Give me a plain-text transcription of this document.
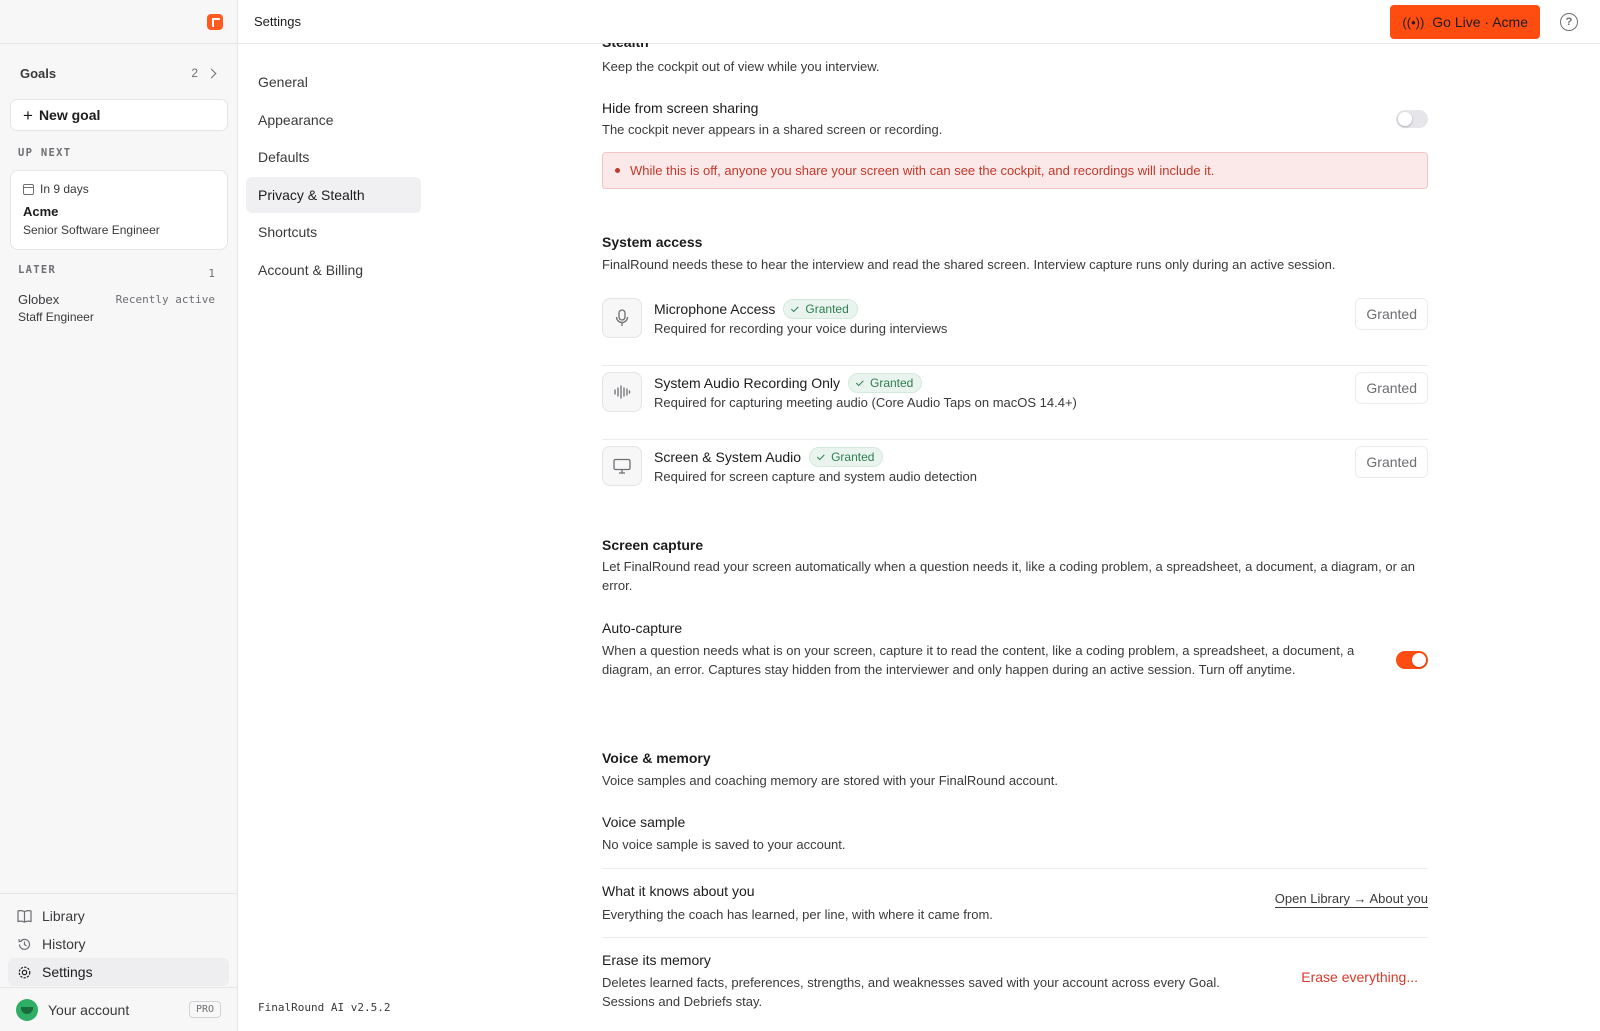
Goals	2
+ New goal
UP NEXT
In 9 days
Acme
Senior Software Engineer
LATER	1
Globex	Recently active
Staff Engineer
Library
History
Settings
Your account	PRO
Settings	((•)) Go Live · Acme	?
General
Appearance
Defaults
Privacy & Stealth
Shortcuts
Account & Billing
FinalRound AI v2.5.2
Keep the cockpit out of view while you interview.
Hide from screen sharing
The cockpit never appears in a shared screen or recording.
While this is off, anyone you share your screen with can see the cockpit, and recordings will include it.
System access
FinalRound needs these to hear the interview and read the shared screen. Interview capture runs only during an active session.
Microphone Access	Granted
Required for recording your voice during interviews
Granted
System Audio Recording Only	Granted
Required for capturing meeting audio (Core Audio Taps on macOS 14.4+)
Granted
Screen & System Audio	Granted
Required for screen capture and system audio detection
Granted
Screen capture
Let FinalRound read your screen automatically when a question needs it, like a coding problem, a spreadsheet, a document, a diagram, or an error.
Auto-capture
When a question needs what is on your screen, capture it to read the content, like a coding problem, a spreadsheet, a document, a diagram, an error. Captures stay hidden from the interviewer and only happen during an active session. Turn off anytime.
Voice & memory
Voice samples and coaching memory are stored with your FinalRound account.
Voice sample
No voice sample is saved to your account.
What it knows about you
Everything the coach has learned, per line, with where it came from.
Open Library → About you
Erase its memory
Deletes learned facts, preferences, strengths, and weaknesses saved with your account across every Goal. Sessions and Debriefs stay.
Erase everything...
